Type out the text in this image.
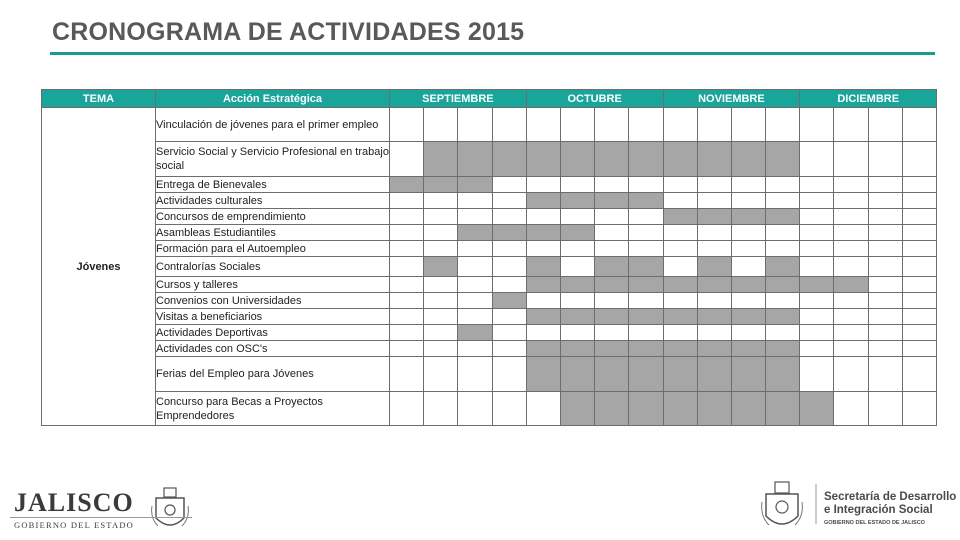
CRONOGRAMA DE ACTIVIDADES 2015
TEMA	Acción Estratégica	SEPTIEMBRE				OCTUBRE				NOVIEMBRE				DICIEMBRE			
Jóvenes	Vinculación de jóvenes para el primer empleo																
	Servicio Social y Servicio Profesional en trabajo social																
	Entrega de Bienevales																
	Actividades culturales																
	Concursos de emprendimiento																
	Asambleas Estudiantiles																
	Formación para el Autoempleo																
	Contralorías Sociales																
	Cursos y talleres																
	Convenios con Universidades																
	Visitas a beneficiarios																
	Actividades Deportivas																
	Actividades con OSC's																
	Ferias del Empleo para Jóvenes																
	Concurso para Becas a Proyectos Emprendedores																
JALISCO
GOBIERNO DEL ESTADO
Secretaría de Desarrollo
e Integración Social
GOBIERNO DEL ESTADO DE JALISCO
